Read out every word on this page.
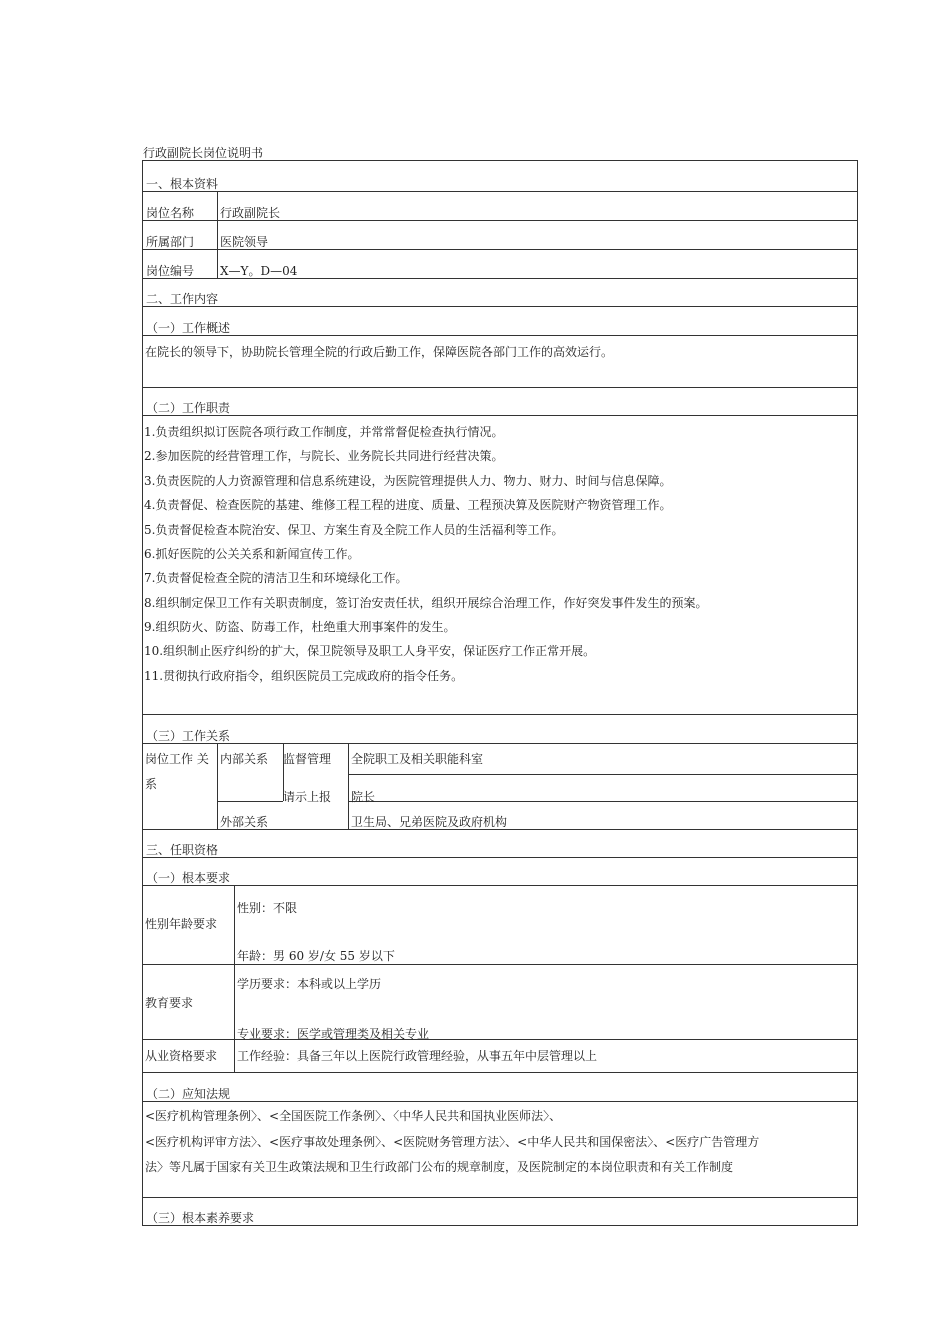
行政副院长岗位说明书
一、根本资料
岗位名称 行政副院长
所属部门 医院领导
岗位编号 X—Y。D—04
二、工作内容
（一）工作概述
在院长的领导下，协助院长管理全院的行政后勤工作，保障医院各部门工作的高效运行。
（二）工作职责
1.负责组织拟订医院各项行政工作制度，并常常督促检查执行情况。
2.参加医院的经营管理工作，与院长、业务院长共同进行经营决策。
3.负责医院的人力资源管理和信息系统建设，为医院管理提供人力、物力、财力、时间与信息保障。
4.负责督促、检查医院的基建、维修工程工程的进度、质量、工程预决算及医院财产物资管理工作。
5.负责督促检查本院治安、保卫、方案生育及全院工作人员的生活福利等工作。
6.抓好医院的公关关系和新闻宣传工作。
7.负责督促检查全院的清洁卫生和环境绿化工作。
8.组织制定保卫工作有关职责制度，签订治安责任状，组织开展综合治理工作，作好突发事件发生的预案。
9.组织防火、防盗、防毒工作，杜绝重大刑事案件的发生。
10.组织制止医疗纠纷的扩大，保卫院领导及职工人身平安，保证医疗工作正常开展。
11.贯彻执行政府指令，组织医院员工完成政府的指令任务。
（三）工作关系
岗位工作 关
系
内部关系
外部关系
监督管理
请示上报
全院职工及相关职能科室
院长
卫生局、兄弟医院及政府机构
三、任职资格
（一）根本要求
性别年龄要求
性别：不限
年龄：男 60 岁/女 55 岁以下
教育要求
学历要求：本科或以上学历
专业要求：医学或管理类及相关专业
从业资格要求 工作经验：具备三年以上医院行政管理经验，从事五年中层管理以上
（二）应知法规
<医疗机构管理条例〉、<全国医院工作条例〉、〈中华人民共和国执业医师法〉、
<医疗机构评审方法〉、<医疗事故处理条例〉、<医院财务管理方法〉、<中华人民共和国保密法〉、<医疗广告管理方
法〉等凡属于国家有关卫生政策法规和卫生行政部门公布的规章制度，及医院制定的本岗位职责和有关工作制度
（三）根本素养要求
